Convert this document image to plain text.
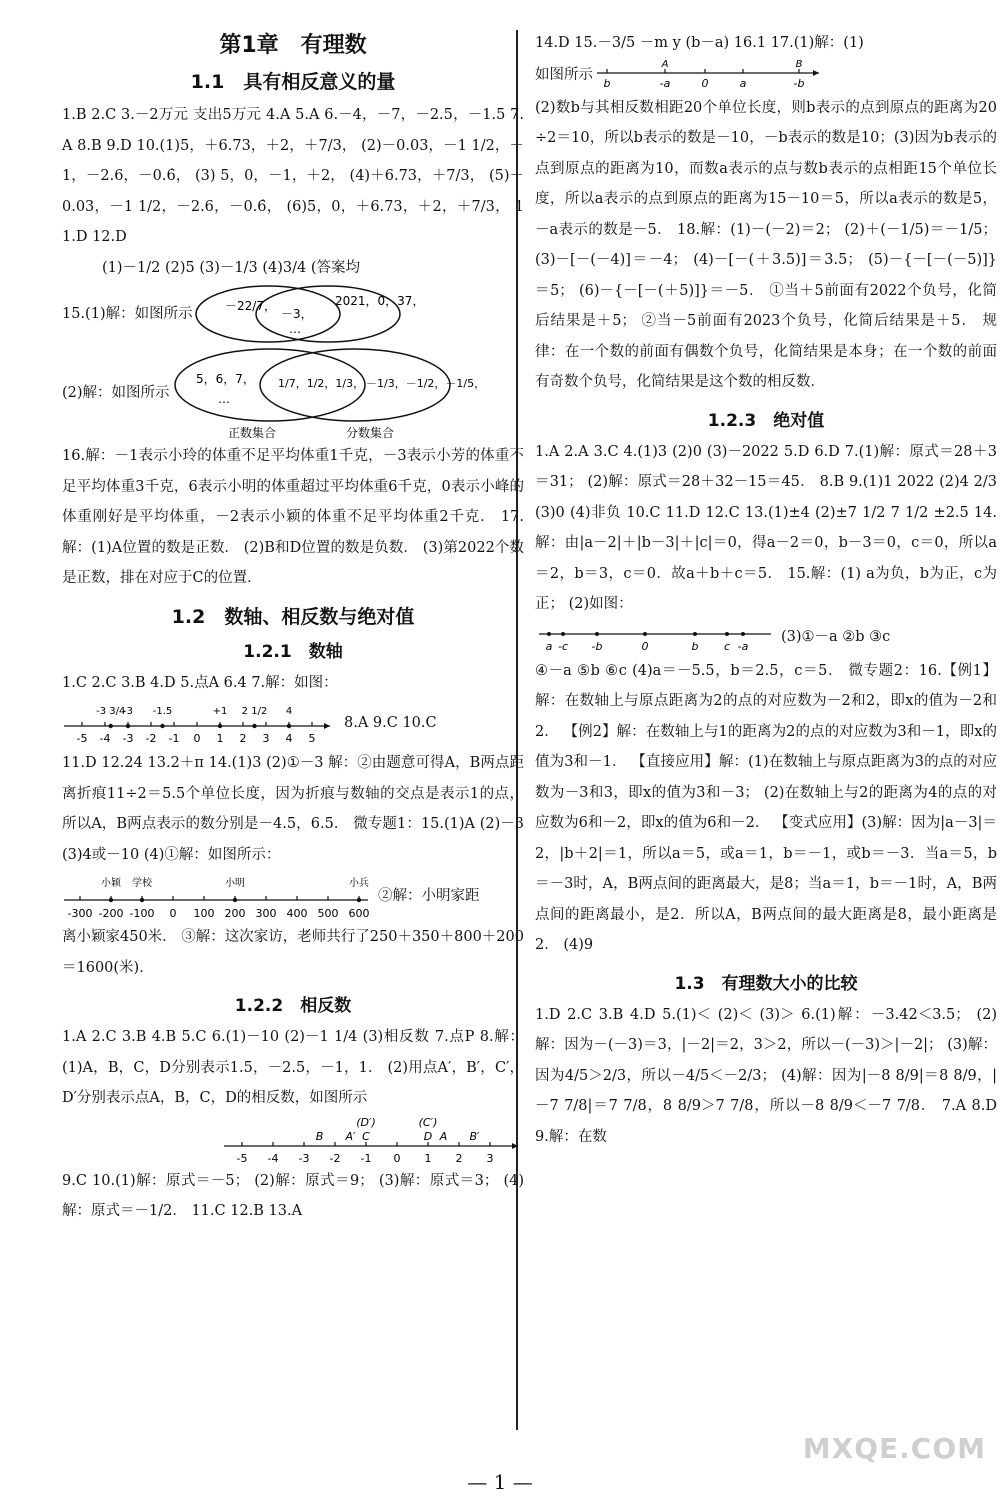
第1章　有理数
1.1　具有相反意义的量

1.B 2.C 3.－2万元 支出5万元 4.A 5.A 6.－4，－7，－2.5，－1.5 7.A 8.B 9.D 10.(1)5，＋6.73，＋2，＋7/3， (2)－0.03，－1 1/2，－1，－2.6，－0.6̇， (3) 5，0，－1，＋2， (4)＋6.73，＋7/3， (5)－0.03，－1 1/2，－2.6，－0.6̇， (6)5，0，＋6.73，＋2，＋7/3， 11.D 12.D

(1)－1/2 (2)5 (3)－1/3 (4)3/4 (答案均

15.(1)解：如图所示	－22/7，
－3，
2021，0，37，
…
(2)解：如图所示
5，6，7，
…
1/7，1/2，1/3， －1/3，－1/2，－1/5，
正数集合	分数集合

16.解：－1表示小玲的体重不足平均体重1千克，－3表示小芳的体重不足平均体重3千克，6表示小明的体重超过平均体重6千克，0表示小峰的体重刚好是平均体重，－2表示小颖的体重不足平均体重2千克． 17.解：(1)A位置的数是正数． (2)B和D位置的数是负数． (3)第2022个数是正数，排在对应于C的位置．

1.2　数轴、相反数与绝对值
1.2.1　数轴

1.C 2.C 3.B 4.D 5.点A 6.4 7.解：如图：

-5 -4 -3 -2 -1 0 1 2 3 4 5
-3 3/4
-3 -1.5	+1 2 1/2 4
8.A 9.C 10.C

11.D 12.24 13.2＋π 14.(1)3 (2)①－3 解：②由题意可得A，B两点距离折痕11÷2＝5.5个单位长度，因为折痕与数轴的交点是表示1的点，所以A，B两点表示的数分别是－4.5，6.5． 微专题1：15.(1)A (2)－3 (3)4或－10 (4)①解：如图所示：

-300 -200 -100 0 100 200 300 400 500 600
小颖 学校	小明	小兵
②解：小明家距

离小颖家450米． ③解：这次家访，老师共行了250＋350＋800＋200＝1600(米)．

1.2.2　相反数

1.A 2.C 3.B 4.B 5.C 6.(1)－10 (2)－1 1/4 (3)相反数 7.点P 8.解：(1)A，B，C，D分别表示1.5，－2.5，－1，1． (2)用点A′，B′，C′，D′分别表示点A，B，C，D的相反数，如图所示

-5 -4 -3 -2 -1 0 1 2 3
B A′ C	D A B′
(D′)	(C′)

9.C 10.(1)解：原式＝－5； (2)解：原式＝9； (3)解：原式＝3； (4)解：原式＝－1/2． 11.C 12.B 13.A

14.D 15.－3/5 －m y (b－a) 16.1 17.(1)解：(1)

如图所示 b	-a	0	a	-b
A	B

(2)数b与其相反数相距20个单位长度，则b表示的点到原点的距离为20÷2＝10，所以b表示的数是－10，－b表示的数是10；(3)因为b表示的点到原点的距离为10，而数a表示的点与数b表示的点相距15个单位长度，所以a表示的点到原点的距离为15－10＝5，所以a表示的数是5，－a表示的数是－5． 18.解：(1)－(－2)＝2； (2)＋(－1/5)＝－1/5； (3)－[－(－4)]＝－4； (4)－[－(＋3.5)]＝3.5； (5)－{－[－(－5)]}＝5； (6)－{－[－(＋5)]}＝－5． ①当＋5前面有2022个负号，化简后结果是＋5； ②当－5前面有2023个负号，化简后结果是＋5． 规律：在一个数的前面有偶数个负号，化简结果是本身；在一个数的前面有奇数个负号，化简结果是这个数的相反数．

1.2.3　绝对值

1.A 2.A 3.C 4.(1)3 (2)0 (3)－2022 5.D 6.D 7.(1)解：原式＝28＋3＝31； (2)解：原式＝28＋32－15＝45． 8.B 9.(1)1 2022 (2)4 2/3 (3)0 (4)非负 10.C 11.D 12.C 13.(1)±4 (2)±7 1/2 7 1/2 ±2.5 14.解：由|a－2|＋|b－3|＋|c|＝0，得a－2＝0，b－3＝0，c＝0，所以a＝2，b＝3，c＝0．故a＋b＋c＝5． 15.解：(1) a为负，b为正，c为正； (2)如图：

a -c -b	0	b c -a
(3)①－a ②b ③c

④－a ⑤b ⑥c (4)a＝－5.5，b＝2.5，c＝5． 微专题2：16.【例1】解：在数轴上与原点距离为2的点的对应数为－2和2，即x的值为－2和2． 【例2】解：在数轴上与1的距离为2的点的对应数为3和－1，即x的值为3和－1． 【直接应用】解：(1)在数轴上与原点距离为3的点的对应数为－3和3，即x的值为3和－3； (2)在数轴上与2的距离为4的点的对应数为6和－2，即x的值为6和－2． 【变式应用】(3)解：因为|a－3|＝2，|b＋2|＝1，所以a＝5，或a＝1，b＝－1，或b＝－3．当a＝5，b＝－3时，A，B两点间的距离最大，是8；当a＝1，b＝－1时，A，B两点间的距离最小，是2．所以A，B两点间的最大距离是8，最小距离是2． (4)9

1.3　有理数大小的比较

1.D 2.C 3.B 4.D 5.(1)＜ (2)＜ (3)＞ 6.(1)解：－3.42＜3.5； (2)解：因为－(－3)＝3，|－2|＝2，3＞2，所以－(－3)＞|－2|； (3)解：因为4/5＞2/3，所以－4/5＜－2/3； (4)解：因为|－8 8/9|＝8 8/9，|－7 7/8|＝7 7/8，8 8/9＞7 7/8，所以－8 8/9＜－7 7/8． 7.A 8.D 9.解：在数

— 1 —
MXQE.COM
